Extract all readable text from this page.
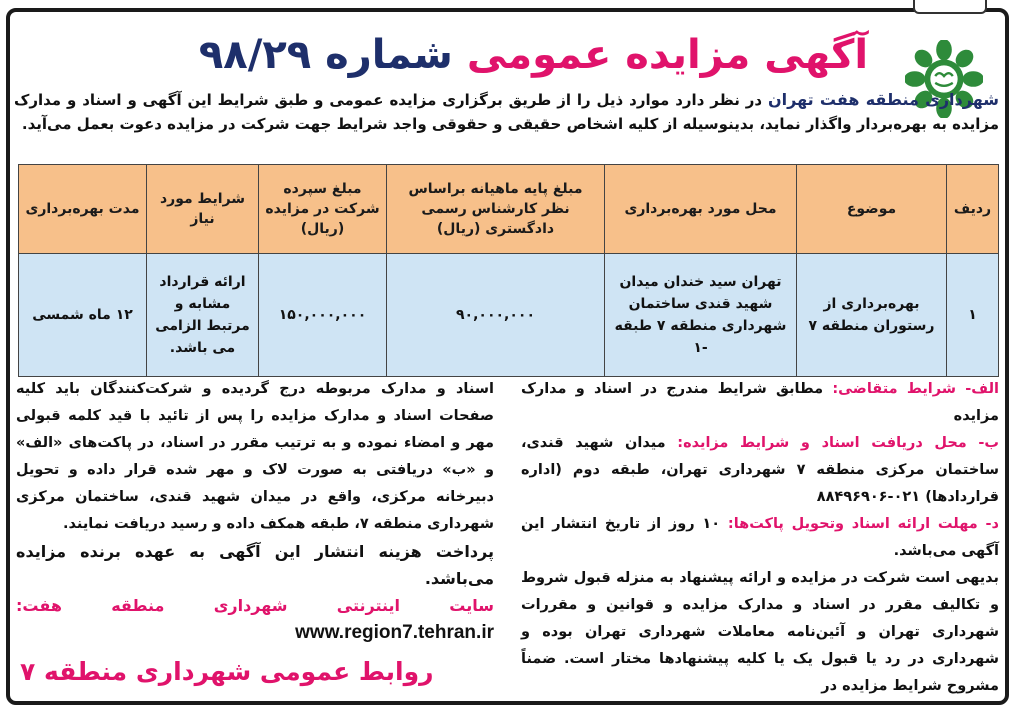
آگهی مزایده عمومی شماره ۹۸/۲۹
شهرداری منطقه هفت تهران در نظر دارد موارد ذیل را از طریق برگزاری مزایده عمومی و طبق شرایط این آگهی و اسناد و مدارک مزایده به بهره‌بردار واگذار نماید، بدینوسیله از کلیه اشخاص حقیقی و حقوقی واجد شرایط جهت شرکت در مزایده دعوت بعمل می‌آید.
ردیف	موضوع	محل مورد بهره‌برداری	مبلغ پایه ماهیانه براساس نظر کارشناس رسمی دادگستری (ریال)	مبلغ سپرده شرکت در مزایده (ریال)	شرایط مورد نیاز	مدت بهره‌برداری
۱	بهره‌برداری از رستوران منطقه ۷	تهران سید خندان میدان شهید قندی ساختمان شهرداری منطقه ۷ طبقه -۱	۹۰,۰۰۰,۰۰۰	۱۵۰,۰۰۰,۰۰۰	ارائه قرارداد مشابه و مرتبط الزامی می باشد.	۱۲ ماه شمسی
الف- شرایط متقاضی: مطابق شرایط مندرج در اسناد و مدارک مزایده
ب- محل دریافت اسناد و شرایط مزایده: میدان شهید قندی، ساختمان مرکزی منطقه ۷ شهرداری تهران، طبقه دوم (اداره قراردادها) ۰۲۱-۸۸۴۹۶۹۰۶
د- مهلت ارائه اسناد وتحویل پاکت‌ها: ۱۰ روز از تاریخ انتشار این آگهی می‌باشد.
بدیهی است شرکت در مزایده و ارائه پیشنهاد به منزله قبول شروط و تکالیف مقرر در اسناد و مدارک مزایده و قوانین و مقررات شهرداری تهران و آئین‌نامه معاملات شهرداری تهران بوده و شهرداری در رد یا قبول یک یا کلیه پیشنهادها مختار است. ضمناً مشروح شرایط مزایده در
اسناد و مدارک مربوطه درج گردیده و شرکت‌کنندگان باید کلیه صفحات اسناد و مدارک مزایده را پس از تائید با قید کلمه قبولی مهر و امضاء نموده و به ترتیب مقرر در اسناد، در پاکت‌های «الف» و «ب» دریافتی به صورت لاک و مهر شده قرار داده و تحویل دبیرخانه مرکزی، واقع در میدان شهید قندی، ساختمان مرکزی شهرداری منطقه ۷، طبقه همکف داده و رسید دریافت نمایند.
پرداخت هزینه انتشار این آگهی به عهده برنده مزایده می‌باشد.
سایت اینترنتی شهرداری منطقه هفت: www.region7.tehran.ir
روابط عمومی شهرداری منطقه ۷
